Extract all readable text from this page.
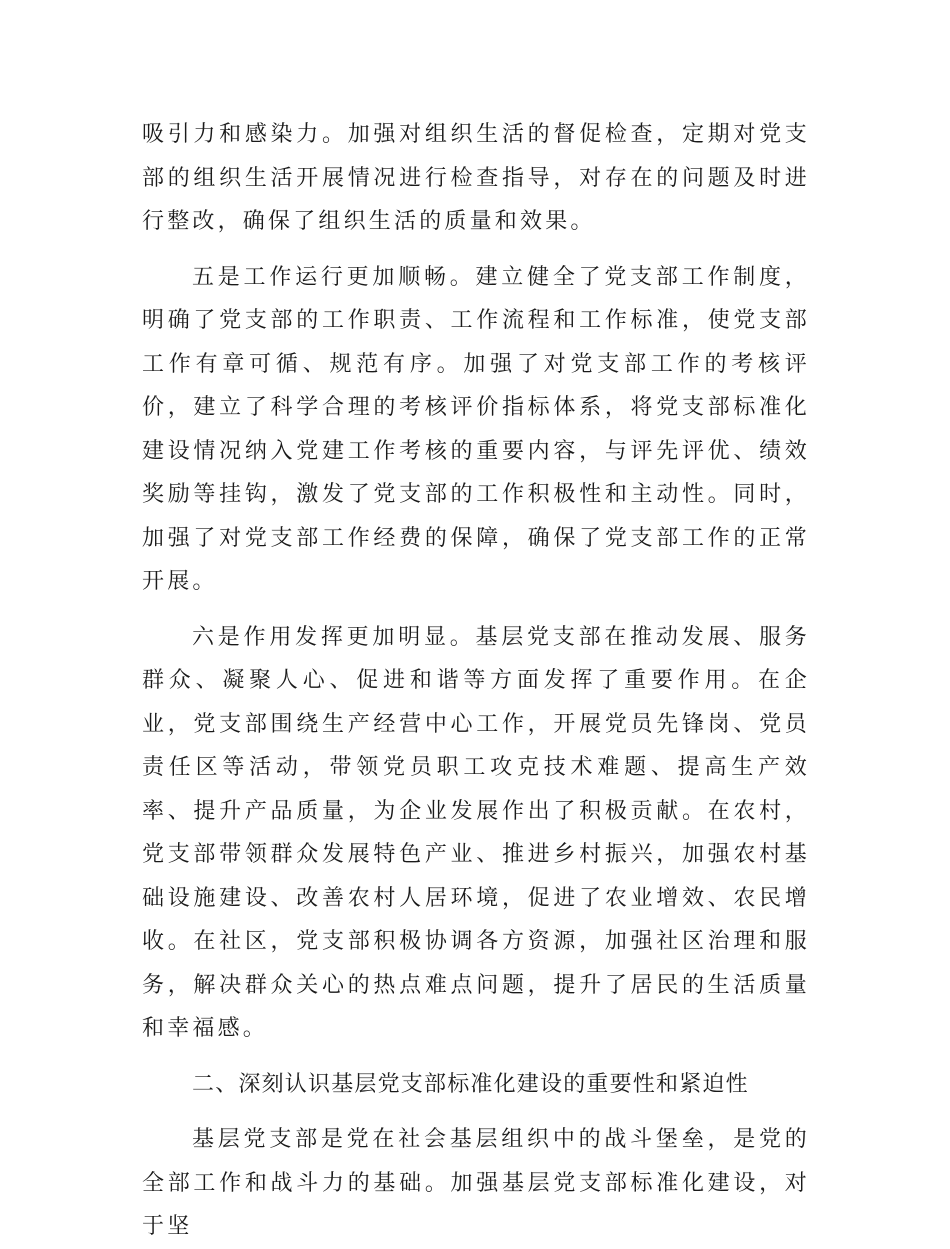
吸引力和感染力。加强对组织生活的督促检查，定期对党支部的组织生活开展情况进行检查指导，对存在的问题及时进行整改，确保了组织生活的质量和效果。

五是工作运行更加顺畅。建立健全了党支部工作制度，明确了党支部的工作职责、工作流程和工作标准，使党支部工作有章可循、规范有序。加强了对党支部工作的考核评价，建立了科学合理的考核评价指标体系，将党支部标准化建设情况纳入党建工作考核的重要内容，与评先评优、绩效奖励等挂钩，激发了党支部的工作积极性和主动性。同时，加强了对党支部工作经费的保障，确保了党支部工作的正常开展。

六是作用发挥更加明显。基层党支部在推动发展、服务群众、凝聚人心、促进和谐等方面发挥了重要作用。在企业，党支部围绕生产经营中心工作，开展党员先锋岗、党员责任区等活动，带领党员职工攻克技术难题、提高生产效率、提升产品质量，为企业发展作出了积极贡献。在农村，党支部带领群众发展特色产业、推进乡村振兴，加强农村基础设施建设、改善农村人居环境，促进了农业增效、农民增收。在社区，党支部积极协调各方资源，加强社区治理和服务，解决群众关心的热点难点问题，提升了居民的生活质量和幸福感。

二、深刻认识基层党支部标准化建设的重要性和紧迫性

基层党支部是党在社会基层组织中的战斗堡垒，是党的全部工作和战斗力的基础。加强基层党支部标准化建设，对于坚
